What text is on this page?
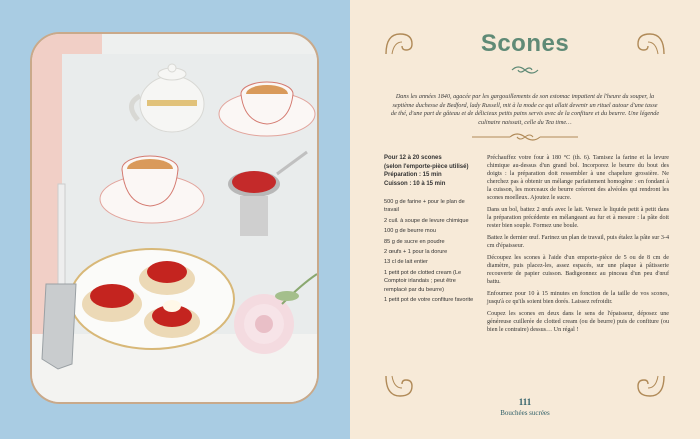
Scones
Dans les années 1840, agacée par les gargouillements de son estomac impatient de l'heure du souper, la septième duchesse de Bedford, lady Russell, mit à la mode ce qui allait devenir un rituel autour d'une tasse de thé, d'une part de gâteau et de délicieux petits pains servis avec de la confiture et du beurre. Une légende culinaire naissait, celle du Tea time…
Pour 12 à 20 scones
(selon l'emporte-pièce utilisé)
Préparation : 15 min
Cuisson : 10 à 15 min
500 g de farine + pour le plan de travail
2 cuil. à soupe de levure chimique
100 g de beurre mou
85 g de sucre en poudre
2 œufs + 1 pour la dorure
13 cl de lait entier
1 petit pot de clotted cream (Le Comptoir irlandais ; peut être remplacé par du beurre)
1 petit pot de votre confiture favorite

Préchauffez votre four à 180 °C (th. 6). Tamisez la farine et la levure chimique au-dessus d'un grand bol. Incorporez le beurre du bout des doigts : la préparation doit ressembler à une chapelure grossière. Ne cherchez pas à obtenir un mélange parfaitement homogène : en fondant à la cuisson, les morceaux de beurre créeront des alvéoles qui rendront les scones moelleux. Ajoutez le sucre.

Dans un bol, battez 2 œufs avec le lait. Versez le liquide petit à petit dans la préparation précédente en mélangeant au fur et à mesure : la pâte doit rester bien souple. Formez une boule.

Battez le dernier œuf. Farinez un plan de travail, puis étalez la pâte sur 3-4 cm d'épaisseur.

Découpez les scones à l'aide d'un emporte-pièce de 5 ou de 8 cm de diamètre, puis placez-les, assez espacés, sur une plaque à pâtisserie recouverte de papier cuisson. Badigeonnez au pinceau d'un peu d'œuf battu.

Enfournez pour 10 à 15 minutes en fonction de la taille de vos scones, jusqu'à ce qu'ils soient bien dorés. Laissez refroidir.

Coupez les scones en deux dans le sens de l'épaisseur, déposez une généreuse cuillerée de clotted cream (ou de beurre) puis de confiture (ou bien le contraire) dessus… Un régal !

111
Bouchées sucrées
